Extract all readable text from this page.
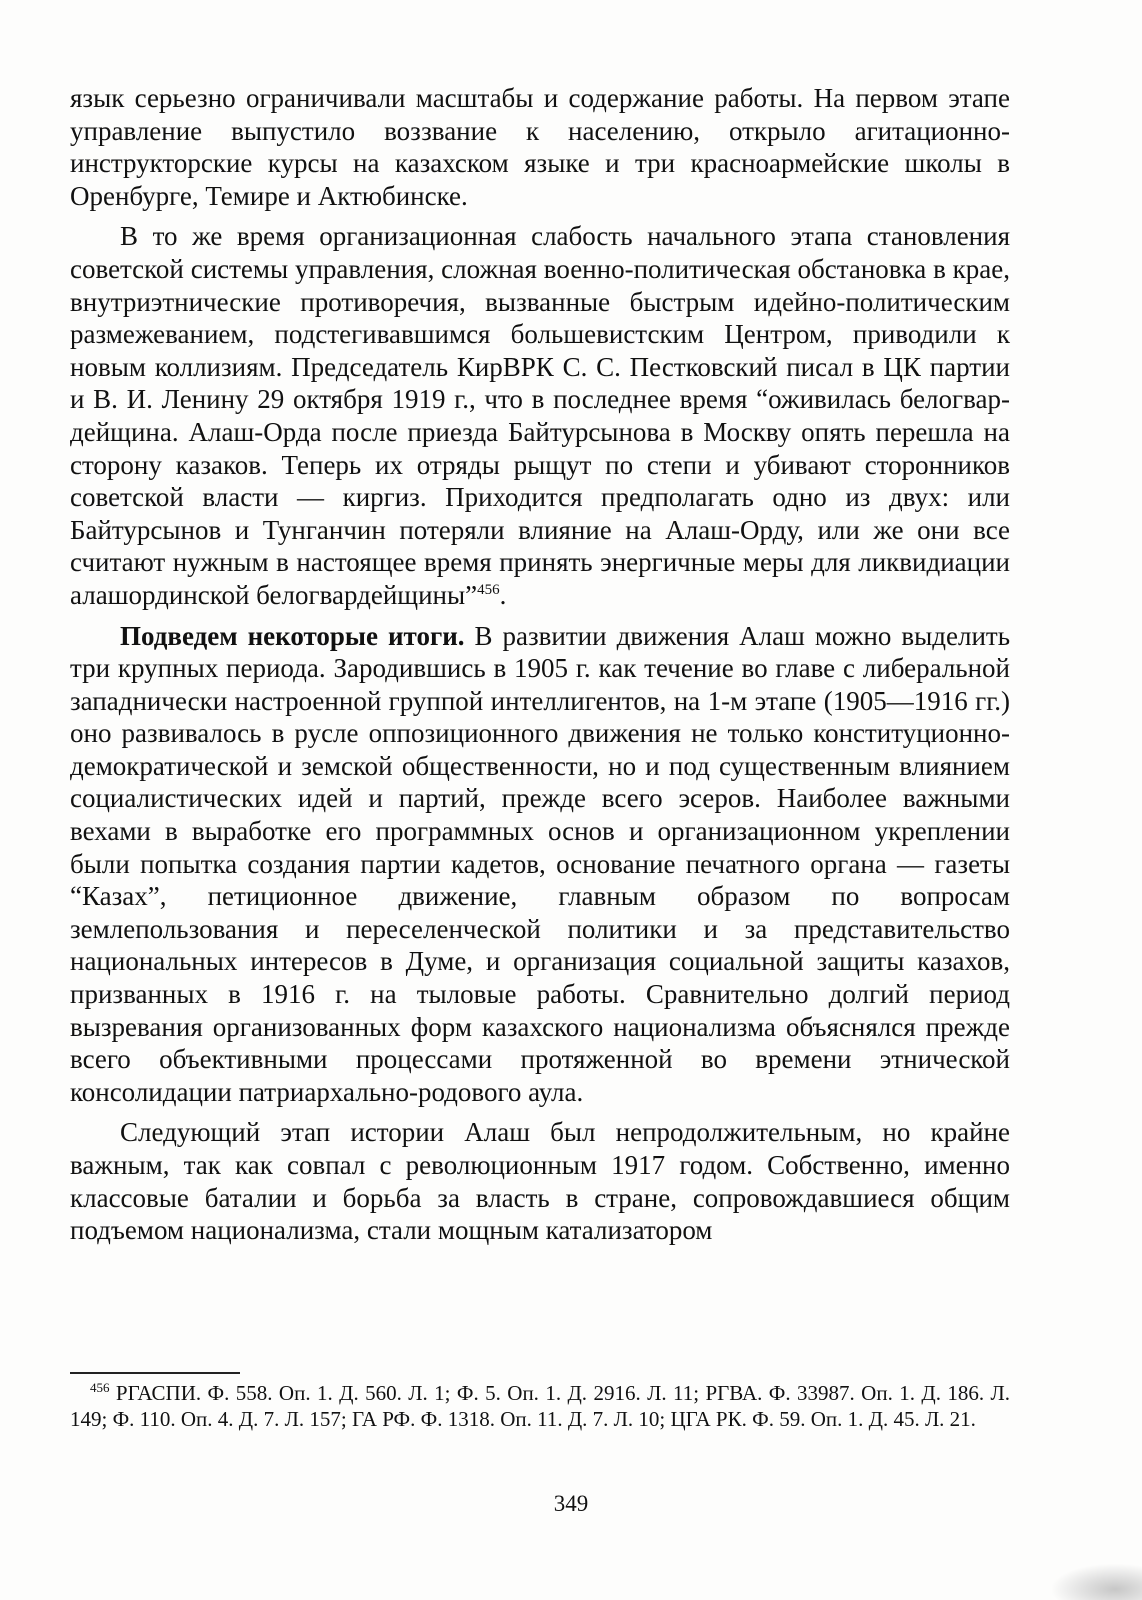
язык серьезно ограничивали масштабы и содержание работы. На первом этапе управление выпустило воззвание к населению, открыло агитационно-инструкторские курсы на казахском языке и три красноармейские школы в Оренбурге, Темире и Актюбинске.

В то же время организационная слабость начального этапа становления советской системы управления, сложная военно-политическая обстановка в крае, внутриэтнические противоречия, вызванные быстрым идейно-политическим размежеванием, подстегивавшимся большевистским Центром, приводили к новым коллизиям. Председатель КирВРК С. С. Пестковский писал в ЦК партии и В. И. Ленину 29 октября 1919 г., что в последнее время “оживилась белогвардейщина. Алаш-Орда после приезда Байтурсынова в Москву опять перешла на сторону казаков. Теперь их отряды рыщут по степи и убивают сторонников советской власти — киргиз. Приходится предполагать одно из двух: или Байтурсынов и Тунганчин потеряли влияние на Алаш-Орду, или же они все считают нужным в настоящее время принять энергичные меры для ликвидиации алашординской белогвардейщины”$^{456}$.

Подведем некоторые итоги. В развитии движения Алаш можно выделить три крупных периода. Зародившись в 1905 г. как течение во главе с либеральной западнически настроенной группой интеллигентов, на 1-м этапе (1905—1916 гг.) оно развивалось в русле оппозиционного движения не только конституционно-демократической и земской общественности, но и под существенным влиянием социалистических идей и партий, прежде всего эсеров. Наиболее важными вехами в выработке его программных основ и организационном укреплении были попытка создания партии кадетов, основание печатного органа — газеты “Казах”, петиционное движение, главным образом по вопросам землепользования и переселенческой политики и за представительство национальных интересов в Думе, и организация социальной защиты казахов, призванных в 1916 г. на тыловые работы. Сравнительно долгий период вызревания организованных форм казахского национализма объяснялся прежде всего объективными процессами протяженной во времени этнической консолидации патриархально-родового аула.

Следующий этап истории Алаш был непродолжительным, но крайне важным, так как совпал с революционным 1917 годом. Собственно, именно классовые баталии и борьба за власть в стране, сопровождавшиеся общим подъемом национализма, стали мощным катализатором

$^{456}$ РГАСПИ. Ф. 558. Оп. 1. Д. 560. Л. 1; Ф. 5. Оп. 1. Д. 2916. Л. 11; РГВА. Ф. 33987. Оп. 1. Д. 186. Л. 149; Ф. 110. Оп. 4. Д. 7. Л. 157; ГА РФ. Ф. 1318. Оп. 11. Д. 7. Л. 10; ЦГА РК. Ф. 59. Оп. 1. Д. 45. Л. 21.
349
